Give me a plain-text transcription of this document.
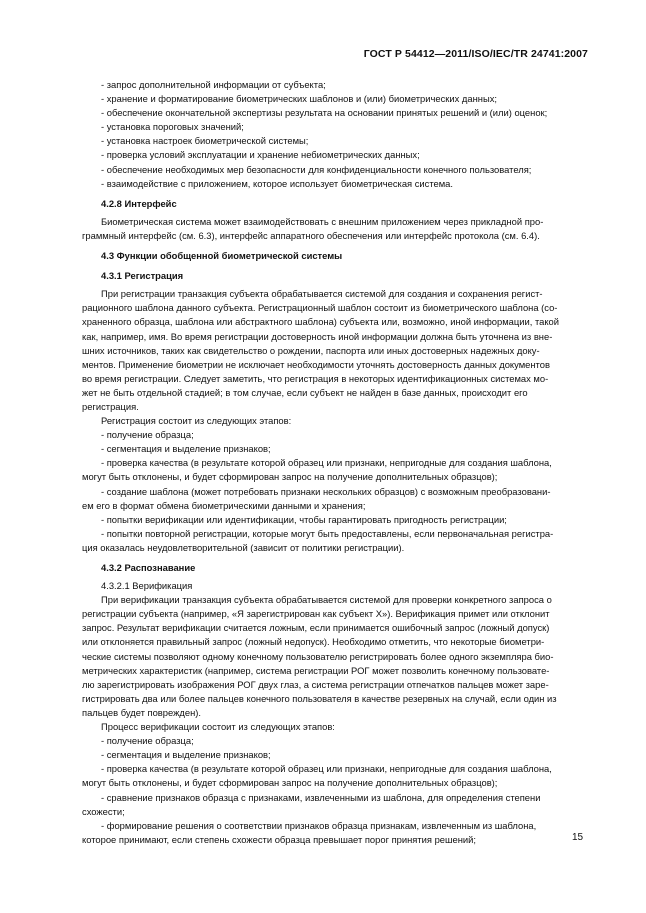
ГОСТ Р 54412—2011/ISO/IEC/TR 24741:2007

- запрос дополнительной информации от субъекта;

- хранение и форматирование биометрических шаблонов и (или) биометрических данных;

- обеспечение окончательной экспертизы результата на основании принятых решений и (или) оценок;

- установка пороговых значений;

- установка настроек биометрической системы;

- проверка условий эксплуатации и хранение небиометрических данных;

- обеспечение необходимых мер безопасности для конфиденциальности конечного пользователя;

- взаимодействие с приложением, которое использует биометрическая система.

4.2.8 Интерфейс

Биометрическая система может взаимодействовать с внешним приложением через прикладной про-

граммный интерфейс (см. 6.3), интерфейс аппаратного обеспечения или интерфейс протокола (см. 6.4).

4.3 Функции обобщенной биометрической системы

4.3.1 Регистрация

При регистрации транзакция субъекта обрабатывается системой для создания и сохранения регист-

рационного шаблона данного субъекта. Регистрационный шаблон состоит из биометрического шаблона (со-

храненного образца, шаблона или абстрактного шаблона) субъекта или, возможно, иной информации, такой

как, например, имя. Во время регистрации достоверность иной информации должна быть уточнена из вне-

шних источников, таких как свидетельство о рождении, паспорта или иных достоверных надежных доку-

ментов. Применение биометрии не исключает необходимости уточнять достоверность данных документов

во время регистрации. Следует заметить, что регистрация в некоторых идентификационных системах мо-

жет не быть отдельной стадией; в том случае, если субъект не найден в базе данных, происходит его

регистрация.

Регистрация состоит из следующих этапов:

- получение образца;

- сегментация и выделение признаков;

- проверка качества (в результате которой образец или признаки, непригодные для создания шаблона,

могут быть отклонены, и будет сформирован запрос на получение дополнительных образцов);

- создание шаблона (может потребовать признаки нескольких образцов) с возможным преобразовани-

ем его в формат обмена биометрическими данными и хранения;

- попытки верификации или идентификации, чтобы гарантировать пригодность регистрации;

- попытки повторной регистрации, которые могут быть предоставлены, если первоначальная регистра-

ция оказалась неудовлетворительной (зависит от политики регистрации).

4.3.2 Распознавание

4.3.2.1 Верификация

При верификации транзакция субъекта обрабатывается системой для проверки конкретного запроса о

регистрации субъекта (например, «Я зарегистрирован как субъект X»). Верификация примет или отклонит

запрос. Результат верификации считается ложным, если принимается ошибочный запрос (ложный допуск)

или отклоняется правильный запрос (ложный недопуск). Необходимо отметить, что некоторые биометри-

ческие системы позволяют одному конечному пользователю регистрировать более одного экземпляра био-

метрических характеристик (например, система регистрации РОГ может позволить конечному пользовате-

лю зарегистрировать изображения РОГ двух глаз, а система регистрации отпечатков пальцев может заре-

гистрировать два или более пальцев конечного пользователя в качестве резервных на случай, если один из

пальцев будет поврежден).

Процесс верификации состоит из следующих этапов:

- получение образца;

- сегментация и выделение признаков;

- проверка качества (в результате которой образец или признаки, непригодные для создания шаблона,

могут быть отклонены, и будет сформирован запрос на получение дополнительных образцов);

- сравнение признаков образца с признаками, извлеченными из шаблона, для определения степени

схожести;

- формирование решения о соответствии признаков образца признакам, извлеченным из шаблона,

которое принимают, если степень схожести образца превышает порог принятия решений;	15
